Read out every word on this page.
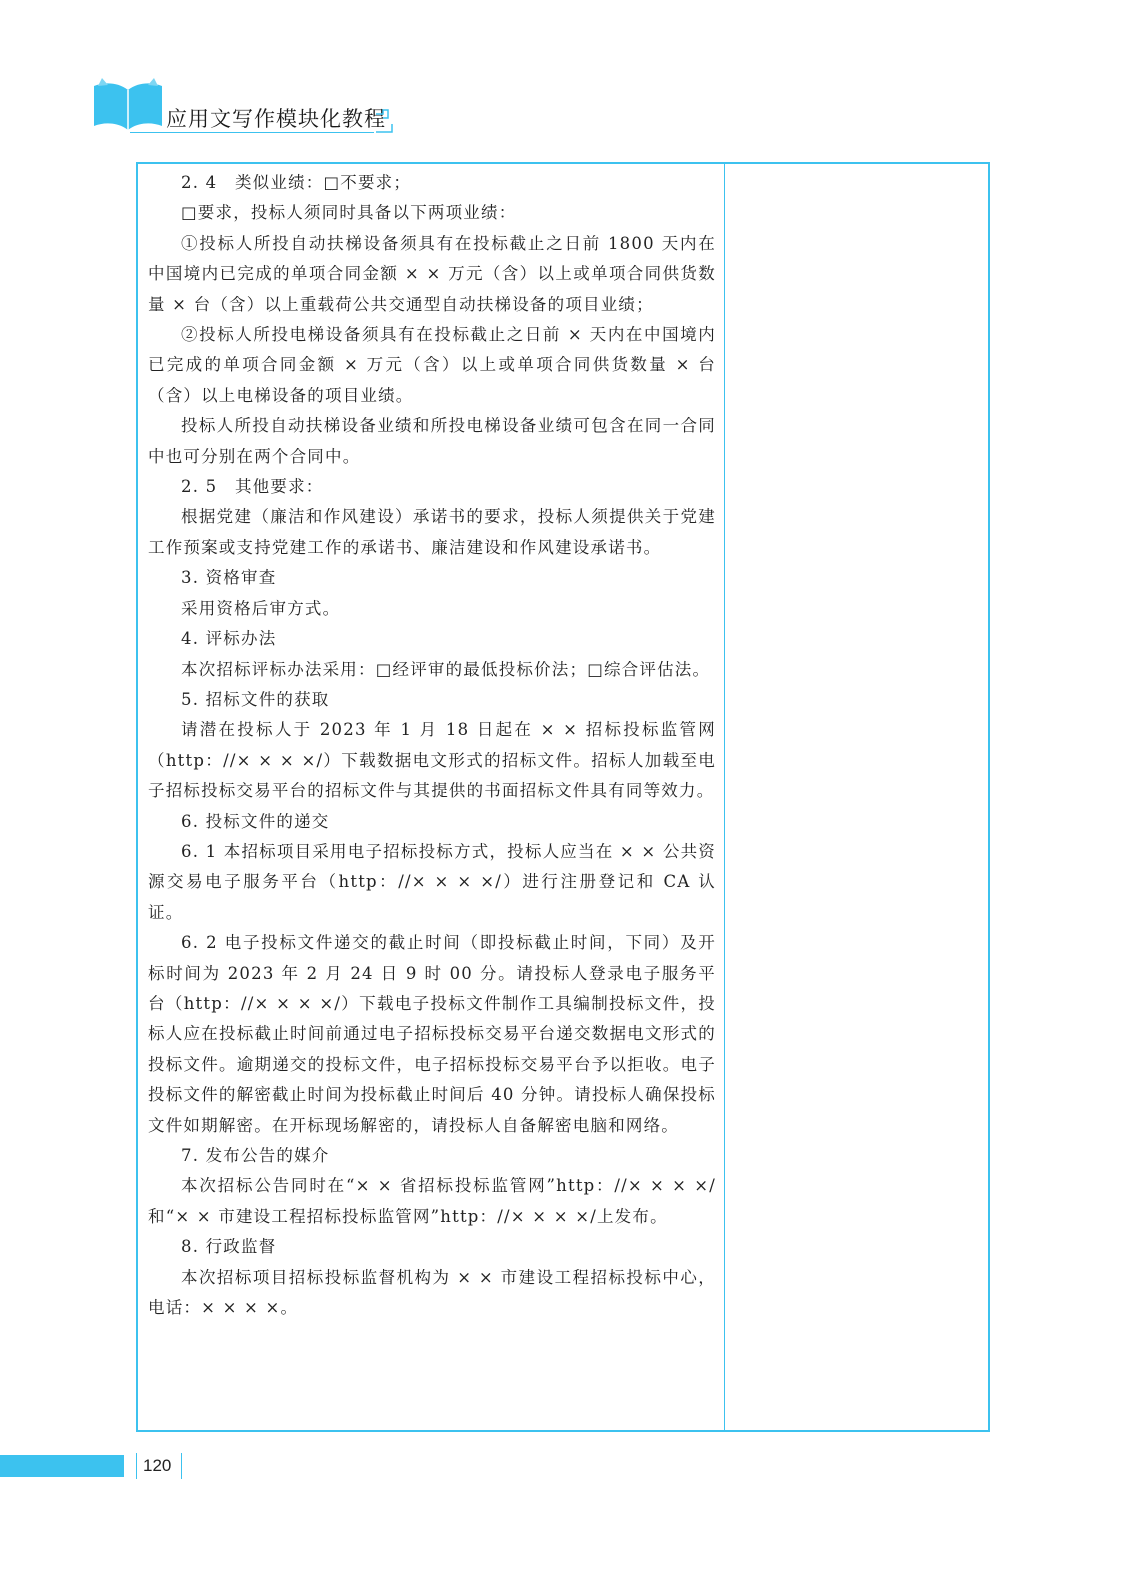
应用文写作模块化教程

2. 4　类似业绩：□不要求；

□要求，投标人须同时具备以下两项业绩：

①投标人所投自动扶梯设备须具有在投标截止之日前 1800 天内在中国境内已完成的单项合同金额 × × 万元（含）以上或单项合同供货数量 × 台（含）以上重载荷公共交通型自动扶梯设备的项目业绩；

②投标人所投电梯设备须具有在投标截止之日前 × 天内在中国境内已完成的单项合同金额 × 万元（含）以上或单项合同供货数量 × 台（含）以上电梯设备的项目业绩。

投标人所投自动扶梯设备业绩和所投电梯设备业绩可包含在同一合同中也可分别在两个合同中。

2. 5　其他要求：

根据党建（廉洁和作风建设）承诺书的要求，投标人须提供关于党建工作预案或支持党建工作的承诺书、廉洁建设和作风建设承诺书。

3. 资格审查

采用资格后审方式。

4. 评标办法

本次招标评标办法采用：□经评审的最低投标价法；□综合评估法。

5. 招标文件的获取

请潜在投标人于 2023 年 1 月 18 日起在 × × 招标投标监管网（http：//× × × ×/）下载数据电文形式的招标文件。招标人加载至电子招标投标交易平台的招标文件与其提供的书面招标文件具有同等效力。

6. 投标文件的递交

6. 1 本招标项目采用电子招标投标方式，投标人应当在 × × 公共资源交易电子服务平台（http：//× × × ×/）进行注册登记和 CA 认证。

6. 2 电子投标文件递交的截止时间（即投标截止时间，下同）及开标时间为 2023 年 2 月 24 日 9 时 00 分。请投标人登录电子服务平台（http：//× × × ×/）下载电子投标文件制作工具编制投标文件，投标人应在投标截止时间前通过电子招标投标交易平台递交数据电文形式的投标文件。逾期递交的投标文件，电子招标投标交易平台予以拒收。电子投标文件的解密截止时间为投标截止时间后 40 分钟。请投标人确保投标文件如期解密。在开标现场解密的，请投标人自备解密电脑和网络。

7. 发布公告的媒介

本次招标公告同时在“× × 省招标投标监管网”http：//× × × ×/和“× × 市建设工程招标投标监管网”http：//× × × ×/上发布。

8. 行政监督

本次招标项目招标投标监督机构为 × × 市建设工程招标投标中心，电话：× × × ×。

120
